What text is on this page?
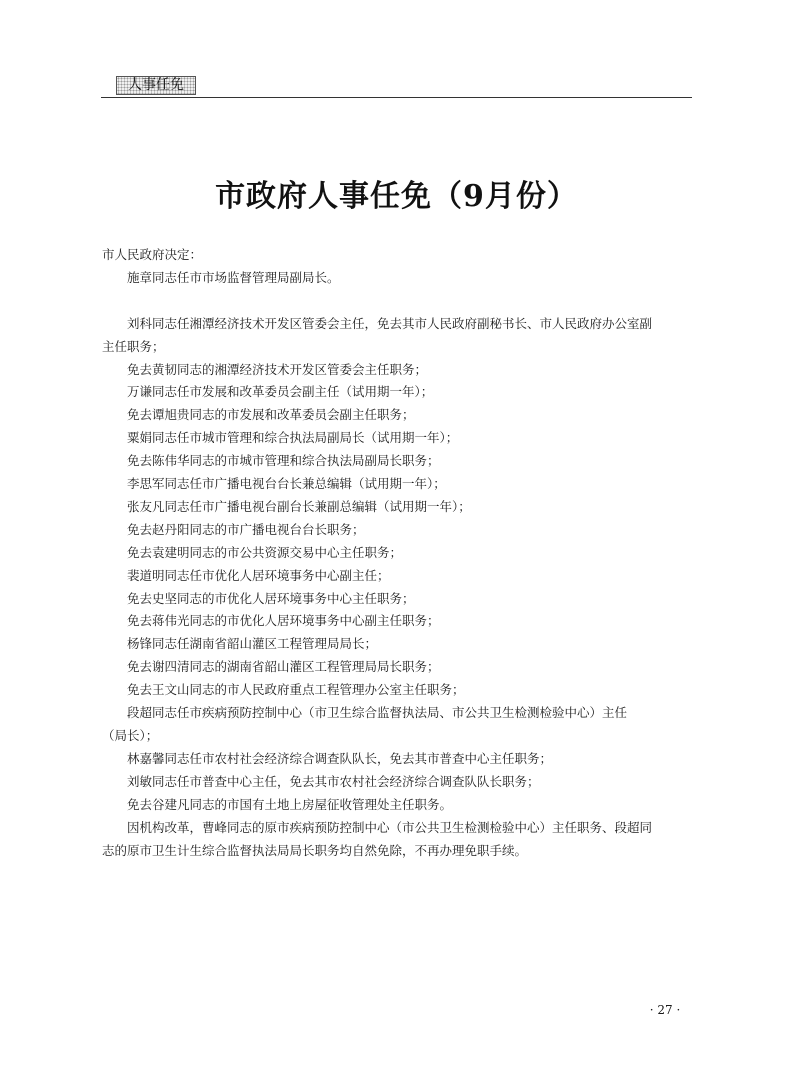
人事任免
市政府人事任免（9月份）
市人民政府决定：
施章同志任市市场监督管理局副局长。
刘科同志任湘潭经济技术开发区管委会主任，免去其市人民政府副秘书长、市人民政府办公室副
主任职务；
免去黄韧同志的湘潭经济技术开发区管委会主任职务；
万谦同志任市发展和改革委员会副主任（试用期一年）；
免去谭旭贵同志的市发展和改革委员会副主任职务；
粟娟同志任市城市管理和综合执法局副局长（试用期一年）；
免去陈伟华同志的市城市管理和综合执法局副局长职务；
李思军同志任市广播电视台台长兼总编辑（试用期一年）；
张友凡同志任市广播电视台副台长兼副总编辑（试用期一年）；
免去赵丹阳同志的市广播电视台台长职务；
免去袁建明同志的市公共资源交易中心主任职务；
裴道明同志任市优化人居环境事务中心副主任；
免去史坚同志的市优化人居环境事务中心主任职务；
免去蒋伟光同志的市优化人居环境事务中心副主任职务；
杨锋同志任湖南省韶山灌区工程管理局局长；
免去谢四清同志的湖南省韶山灌区工程管理局局长职务；
免去王文山同志的市人民政府重点工程管理办公室主任职务；
段超同志任市疾病预防控制中心（市卫生综合监督执法局、市公共卫生检测检验中心）主任
（局长）；
林嘉馨同志任市农村社会经济综合调查队队长，免去其市普查中心主任职务；
刘敏同志任市普查中心主任，免去其市农村社会经济综合调查队队长职务；
免去谷建凡同志的市国有土地上房屋征收管理处主任职务。
因机构改革，曹峰同志的原市疾病预防控制中心（市公共卫生检测检验中心）主任职务、段超同
志的原市卫生计生综合监督执法局局长职务均自然免除，不再办理免职手续。
· 27 ·
